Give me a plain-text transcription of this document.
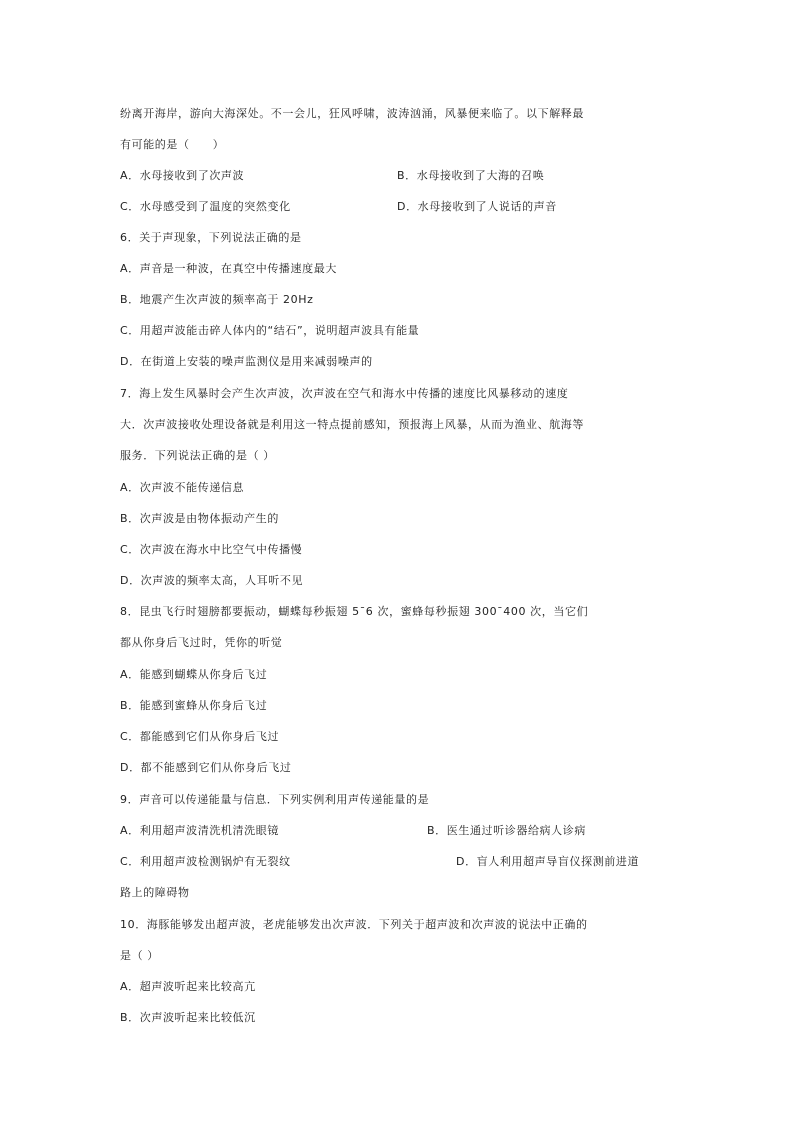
纷离开海岸，游向大海深处。不一会儿，狂风呼啸，波涛汹涌，风暴便来临了。以下解释最
有可能的是（　　）
A．水母接收到了次声波	B．水母接收到了大海的召唤
C．水母感受到了温度的突然变化	D．水母接收到了人说话的声音
6．关于声现象，下列说法正确的是
A．声音是一种波，在真空中传播速度最大
B．地震产生次声波的频率高于 20Hz
C．用超声波能击碎人体内的“结石”，说明超声波具有能量
D．在街道上安装的噪声监测仪是用来减弱噪声的
7．海上发生风暴时会产生次声波，次声波在空气和海水中传播的速度比风暴移动的速度
大．次声波接收处理设备就是利用这一特点提前感知，预报海上风暴，从而为渔业、航海等
服务．下列说法正确的是（ ）
A．次声波不能传递信息
B．次声波是由物体振动产生的
C．次声波在海水中比空气中传播慢
D．次声波的频率太高，人耳听不见
8．昆虫飞行时翅膀都要振动，蝴蝶每秒振翅 5¯6 次，蜜蜂每秒振翅 300¯400 次，当它们
都从你身后飞过时，凭你的听觉
A．能感到蝴蝶从你身后飞过
B．能感到蜜蜂从你身后飞过
C．都能感到它们从你身后飞过
D．都不能感到它们从你身后飞过
9．声音可以传递能量与信息．下列实例利用声传递能量的是
A．利用超声波清洗机清洗眼镜	B．医生通过听诊器给病人诊病
C．利用超声波检测锅炉有无裂纹	D．盲人利用超声导盲仪探测前进道
路上的障碍物
10．海豚能够发出超声波，老虎能够发出次声波．下列关于超声波和次声波的说法中正确的
是（ ）
A．超声波听起来比较高亢
B．次声波听起来比较低沉
